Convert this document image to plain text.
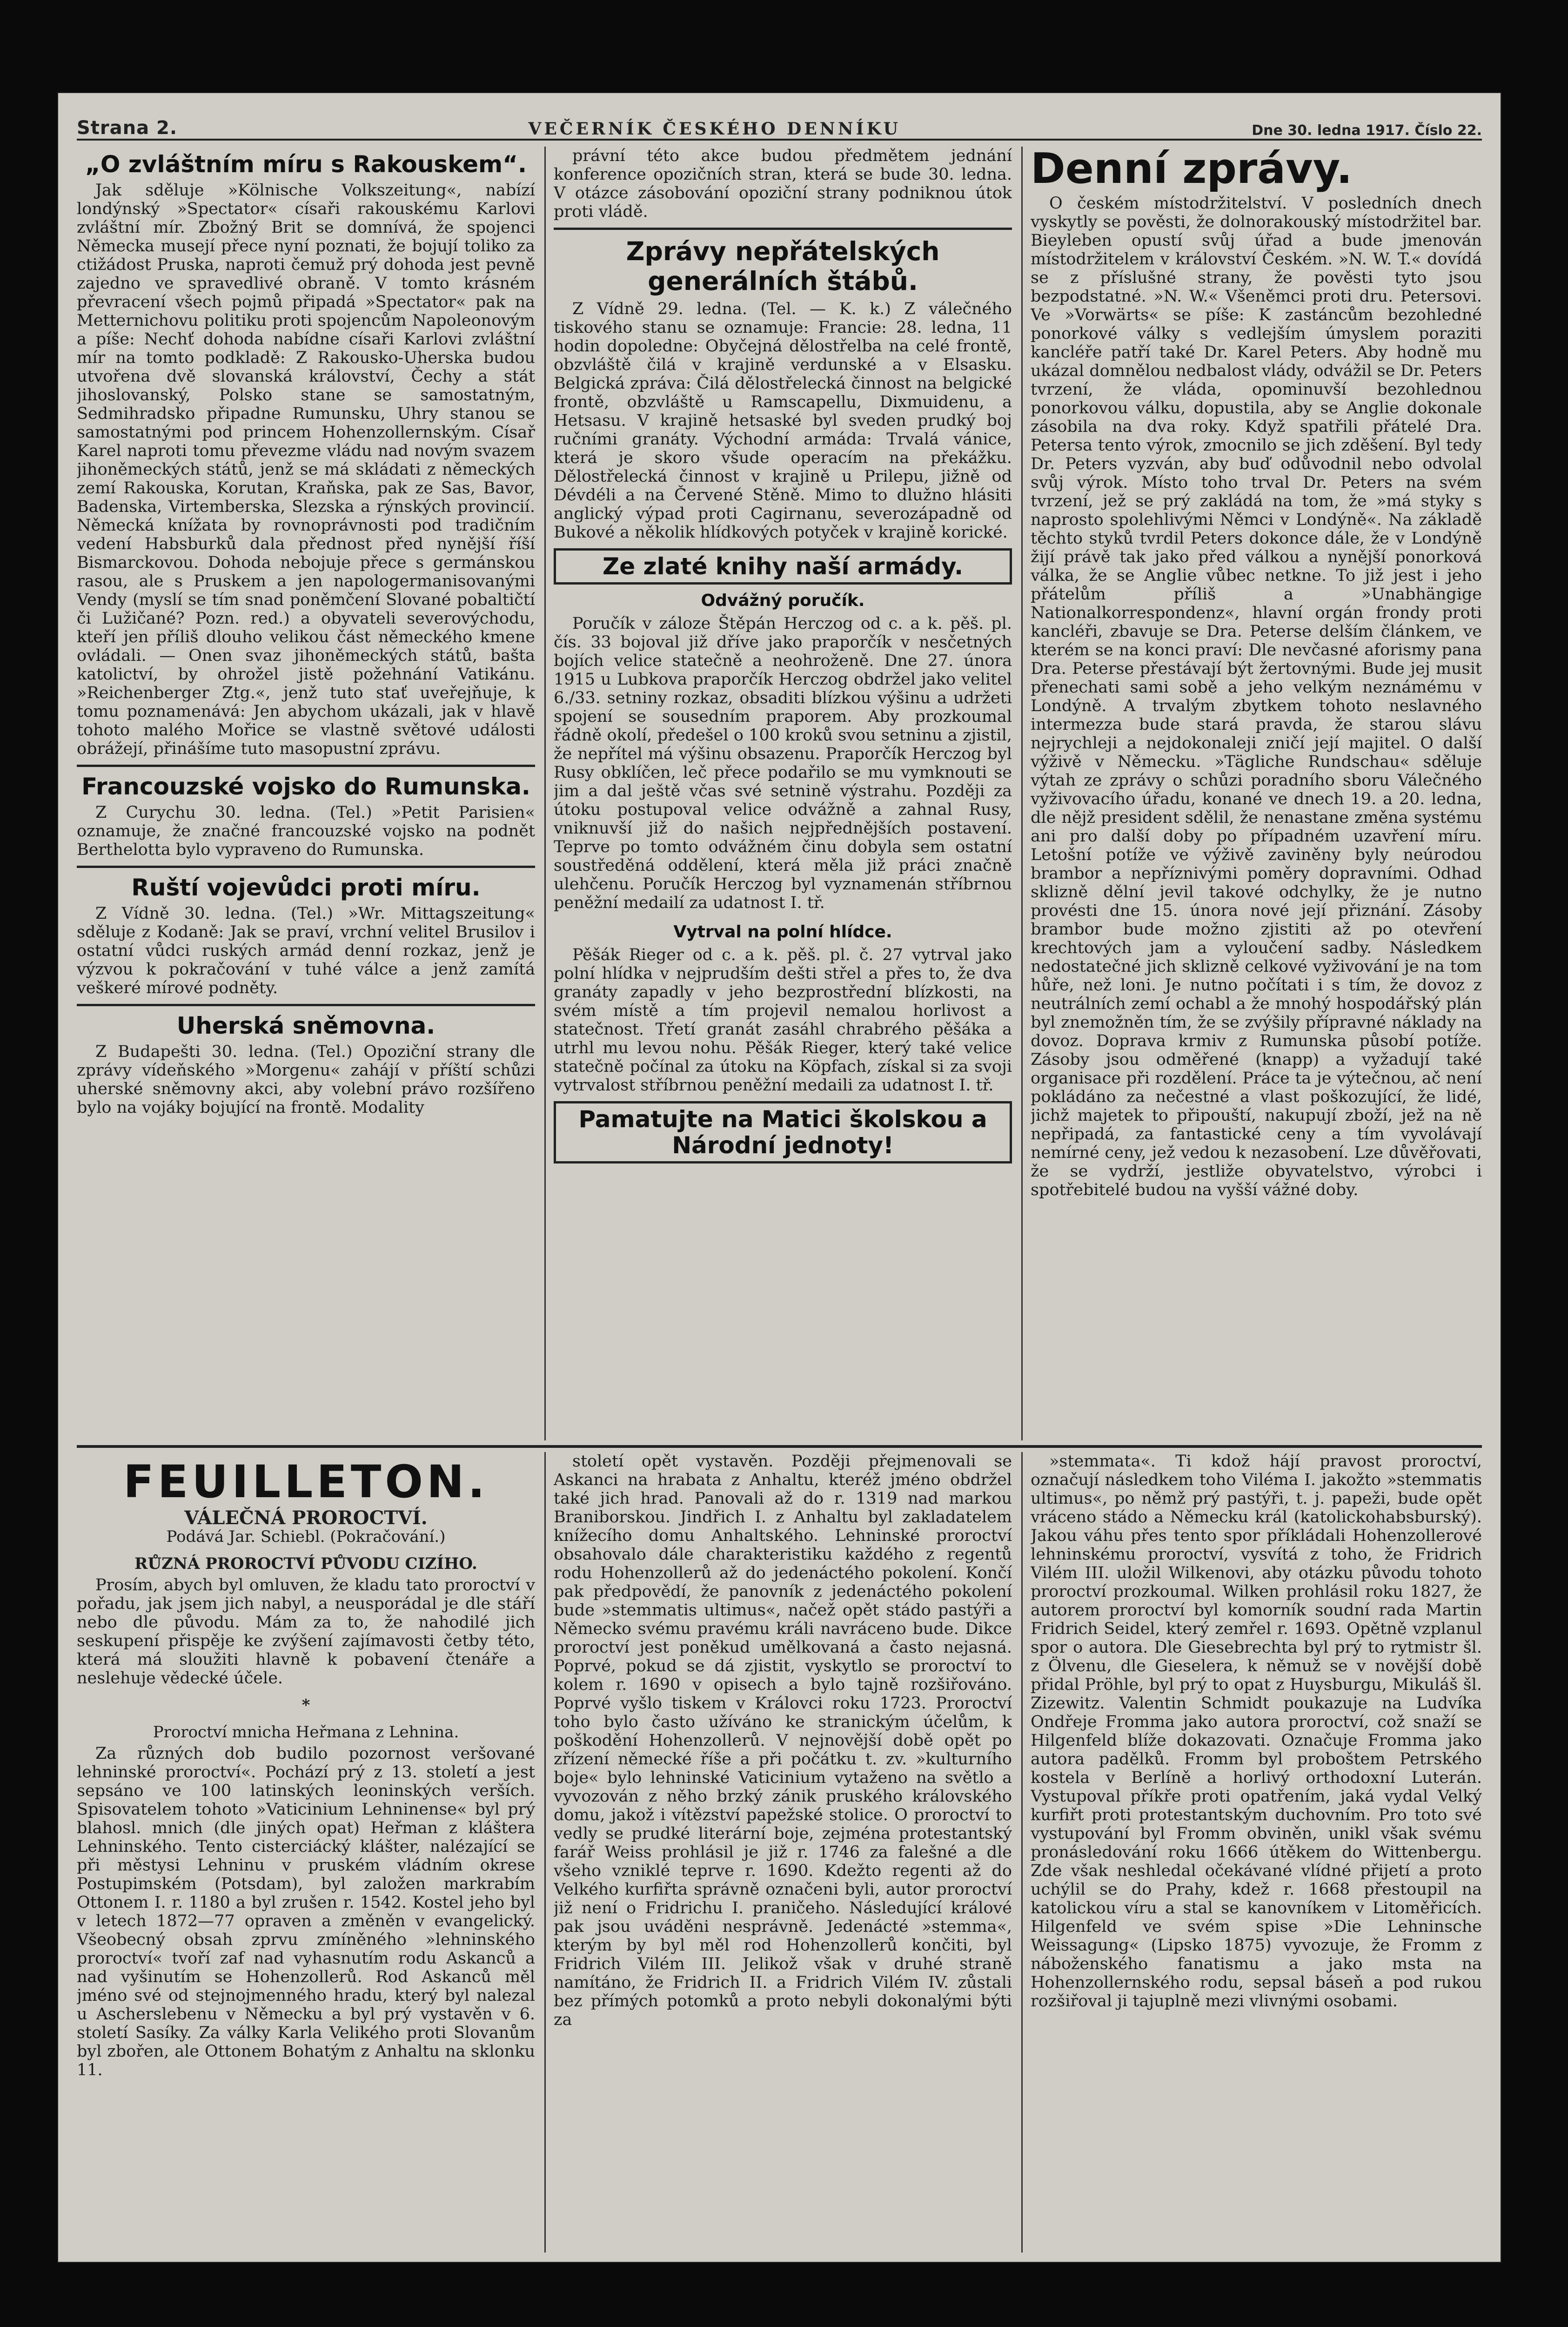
Strana 2.	VEČERNÍK ČESKÉHO DENNÍKU	Dne 30. ledna 1917. Číslo 22.
„O zvláštním míru s Rakouskem“.

Jak sděluje »Kölnische Volkszeitung«, nabízí londýnský »Spectator« císaři rakouskému Karlovi zvláštní mír. Zbožný Brit se domnívá, že spojenci Německa musejí přece nyní poznati, že bojují toliko za ctižádost Pruska, naproti čemuž prý dohoda jest pevně zajedno ve spravedlivé obraně. V tomto krásném převracení všech pojmů připadá »Spectator« pak na Metternichovu politiku proti spojencům Napoleonovým a píše: Nechť dohoda nabídne císaři Karlovi zvláštní mír na tomto podkladě: Z Rakousko-Uherska budou utvořena dvě slovanská království, Čechy a stát jihoslovanský, Polsko stane se samostatným, Sedmihradsko připadne Rumunsku, Uhry stanou se samostatnými pod princem Hohenzollernským. Císař Karel naproti tomu převezme vládu nad novým svazem jihoněmeckých států, jenž se má skládati z německých zemí Rakouska, Korutan, Kraňska, pak ze Sas, Bavor, Badenska, Virtemberska, Slezska a rýnských provincií. Německá knížata by rovnoprávnosti pod tradičním vedení Habsburků dala přednost před nynější říší Bismarckovou. Dohoda nebojuje přece s germánskou rasou, ale s Pruskem a jen napologermanisovanými Vendy (myslí se tím snad poněmčení Slované pobaltičtí či Lužičané? Pozn. red.) a obyvateli severovýchodu, kteří jen příliš dlouho velikou část německého kmene ovládali. — Onen svaz jihoněmeckých států, bašta katolictví, by ohrožel jistě požehnání Vatikánu. »Reichenberger Ztg.«, jenž tuto stať uveřejňuje, k tomu poznamenává: Jen abychom ukázali, jak v hlavě tohoto malého Mořice se vlastně světové události obrážejí, přinášíme tuto masopustní zprávu.

Francouzské vojsko do Rumunska.

Z Curychu 30. ledna. (Tel.) »Petit Parisien« oznamuje, že značné francouzské vojsko na podnět Berthelotta bylo vypraveno do Rumunska.

Ruští vojevůdci proti míru.

Z Vídně 30. ledna. (Tel.) »Wr. Mittagszeitung« sděluje z Kodaně: Jak se praví, vrchní velitel Brusilov i ostatní vůdci ruských armád denní rozkaz, jenž je výzvou k pokračování v tuhé válce a jenž zamítá veškeré mírové podněty.

Uherská sněmovna.

Z Budapešti 30. ledna. (Tel.) Opoziční strany dle zprávy vídeňského »Morgenu« zahájí v příští schůzi uherské sněmovny akci, aby volební právo rozšířeno bylo na vojáky bojující na frontě. Modality

právní této akce budou předmětem jednání konference opozičních stran, která se bude 30. ledna. V otázce zásobování opoziční strany podniknou útok proti vládě.

Zprávy nepřátelských generálních štábů.

Z Vídně 29. ledna. (Tel. — K. k.) Z válečného tiskového stanu se oznamuje: Francie: 28. ledna, 11 hodin dopoledne: Obyčejná dělostřelba na celé frontě, obzvláště čilá v krajině verdunské a v Elsasku. Belgická zpráva: Čilá dělostřelecká činnost na belgické frontě, obzvláště u Ramscapellu, Dixmuidenu, a Hetsasu. V krajině hetsaské byl sveden prudký boj ručními granáty. Východní armáda: Trvalá vánice, která je skoro všude operacím na překážku. Dělostřelecká činnost v krajině u Prilepu, jižně od Dévdéli a na Červené Stěně. Mimo to dlužno hlásiti anglický výpad proti Cagirnanu, severozápadně od Bukové a několik hlídkových potyček v krajině korické.

Ze zlaté knihy naší armády.
Odvážný poručík.

Poručík v záloze Štěpán Herczog od c. a k. pěš. pl. čís. 33 bojoval již dříve jako praporčík v nesčetných bojích velice statečně a neohroženě. Dne 27. února 1915 u Lubkova praporčík Herczog obdržel jako velitel 6./33. setniny rozkaz, obsaditi blízkou výšinu a udržeti spojení se sousedním praporem. Aby prozkoumal řádně okolí, předešel o 100 kroků svou setninu a zjistil, že nepřítel má výšinu obsazenu. Praporčík Herczog byl Rusy obklíčen, leč přece podařilo se mu vymknouti se jim a dal ještě včas své setnině výstrahu. Později za útoku postupoval velice odvážně a zahnal Rusy, vniknuvší již do našich nejpřednějších postavení. Teprve po tomto odvážném činu dobyla sem ostatní soustředěná oddělení, která měla již práci značně ulehčenu. Poručík Herczog byl vyznamenán stříbrnou peněžní medailí za udatnost I. tř.

Vytrval na polní hlídce.

Pěšák Rieger od c. a k. pěš. pl. č. 27 vytrval jako polní hlídka v nejprudším dešti střel a přes to, že dva granáty zapadly v jeho bezprostřední blízkosti, na svém místě a tím projevil nemalou horlivost a statečnost. Třetí granát zasáhl chrabrého pěšáka a utrhl mu levou nohu. Pěšák Rieger, který také velice statečně počínal za útoku na Köpfach, získal si za svoji vytrvalost stříbrnou peněžní medaili za udatnost I. tř.

Pamatujte na Matici školskou a Národní jednoty!
Denní zprávy.

O českém místodržitelství. V posledních dnech vyskytly se pověsti, že dolnorakouský místodržitel bar. Bieyleben opustí svůj úřad a bude jmenován místodržitelem v království Českém. »N. W. T.« dovídá se z příslušné strany, že pověsti tyto jsou bezpodstatné. »N. W.« Všeněmci proti dru. Petersovi. Ve »Vorwärts« se píše: K zastáncům bezohledné ponorkové války s vedlejším úmyslem poraziti kancléře patří také Dr. Karel Peters. Aby hodně mu ukázal domnělou nedbalost vlády, odvážil se Dr. Peters tvrzení, že vláda, opominuvší bezohlednou ponorkovou válku, dopustila, aby se Anglie dokonale zásobila na dva roky. Když spatřili přátelé Dra. Petersa tento výrok, zmocnilo se jich zděšení. Byl tedy Dr. Peters vyzván, aby buď odůvodnil nebo odvolal svůj výrok. Místo toho trval Dr. Peters na svém tvrzení, jež se prý zakládá na tom, že »má styky s naprosto spolehlivými Němci v Londýně«. Na základě těchto styků tvrdil Peters dokonce dále, že v Londýně žijí právě tak jako před válkou a nynější ponorková válka, že se Anglie vůbec netkne. To již jest i jeho přátelům příliš a »Unabhängige Nationalkorrespondenz«, hlavní orgán frondy proti kancléři, zbavuje se Dra. Peterse delším článkem, ve kterém se na konci praví: Dle nevčasné aforismy pana Dra. Peterse přestávají být žertovnými. Bude jej musit přenechati sami sobě a jeho velkým neznámému v Londýně. A trvalým zbytkem tohoto neslavného intermezza bude stará pravda, že starou slávu nejrychleji a nejdokonaleji zničí její majitel. O další výživě v Německu. »Tägliche Rundschau« sděluje výtah ze zprávy o schůzi poradního sboru Válečného vyživovacího úřadu, konané ve dnech 19. a 20. ledna, dle nějž president sdělil, že nenastane změna systému ani pro další doby po případném uzavření míru. Letošní potíže ve výživě zaviněny byly neúrodou brambor a nepříznivými poměry dopravními. Odhad sklizně dělní jevil takové odchylky, že je nutno provésti dne 15. února nové její přiznání. Zásoby brambor bude možno zjistiti až po otevření krechtových jam a vyloučení sadby. Následkem nedostatečné jich sklizně celkové vyživování je na tom hůře, než loni. Je nutno počítati i s tím, že dovoz z neutrálních zemí ochabl a že mnohý hospodářský plán byl znemožněn tím, že se zvýšily přípravné náklady na dovoz. Doprava krmiv z Rumunska působí potíže. Zásoby jsou odměřené (knapp) a vyžadují také organisace při rozdělení. Práce ta je výtečnou, ač není pokládáno za nečestné a vlast poškozující, že lidé, jichž majetek to připouští, nakupují zboží, jež na ně nepřipadá, za fantastické ceny a tím vyvolávají nemírné ceny, jež vedou k nezasobení. Lze důvěřovati, že se vydrží, jestliže obyvatelstvo, výrobci i spotřebitelé budou na vyšší vážné doby.

FEUILLETON.
VÁLEČNÁ PROROCTVÍ.
Podává Jar. Schiebl. (Pokračování.)
RŮZNÁ PROROCTVÍ PŮVODU CIZÍHO.

Prosím, abych byl omluven, že kladu tato proroctví v pořadu, jak jsem jich nabyl, a neusporádal je dle stáří nebo dle původu. Mám za to, že nahodilé jich seskupení přispěje ke zvýšení zajímavosti četby této, která má sloužiti hlavně k pobavení čtenáře a neslehuje vědecké účele.

*
Proroctví mnicha Heřmana z Lehnina.

Za různých dob budilo pozornost veršované lehninské proroctví«. Pochází prý z 13. století a jest sepsáno ve 100 latinských leoninských verších. Spisovatelem tohoto »Vaticinium Lehninense« byl prý blahosl. mnich (dle jiných opat) Heřman z kláštera Lehninského. Tento cisterciácký klášter, nalézající se při městysi Lehninu v pruském vládním okrese Postupimském (Potsdam), byl založen markrabím Ottonem I. r. 1180 a byl zrušen r. 1542. Kostel jeho byl v letech 1872—77 opraven a změněn v evangelický. Všeobecný obsah zprvu zmíněného »lehninského proroctví« tvoří zaf nad vyhasnutím rodu Askanců a nad vyšinutím se Hohenzollerů. Rod Askanců měl jméno své od stejnojmenného hradu, který byl nalezal u Ascherslebenu v Německu a byl prý vystavěn v 6. století Sasíky. Za války Karla Velikého proti Slovanům byl zbořen, ale Ottonem Bohatým z Anhaltu na sklonku 11.

století opět vystavěn. Později přejmenovali se Askanci na hrabata z Anhaltu, kteréž jméno obdržel také jich hrad. Panovali až do r. 1319 nad markou Braniborskou. Jindřich I. z Anhaltu byl zakladatelem knížecího domu Anhaltského. Lehninské proroctví obsahovalo dále charakteristiku každého z regentů rodu Hohenzollerů až do jedenáctého pokolení. Končí pak předpovědí, že panovník z jedenáctého pokolení bude »stemmatis ultimus«, načež opět stádo pastýři a Německo svému pravému králi navráceno bude. Dikce proroctví jest poněkud umělkovaná a často nejasná. Poprvé, pokud se dá zjistit, vyskytlo se proroctví to kolem r. 1690 v opisech a bylo tajně rozšiřováno. Poprvé vyšlo tiskem v Královci roku 1723. Proroctví toho bylo často užíváno ke stranickým účelům, k poškodění Hohenzollerů. V nejnovější době opět po zřízení německé říše a při počátku t. zv. »kulturního boje« bylo lehninské Vaticinium vytaženo na světlo a vyvozován z něho brzký zánik pruského královského domu, jakož i vítězství papežské stolice. O proroctví to vedly se prudké literární boje, zejména protestantský farář Weiss prohlásil je již r. 1746 za falešné a dle všeho vzniklé teprve r. 1690. Kdežto regenti až do Velkého kurfiřta správně označeni byli, autor proroctví již není o Fridrichu I. praničeho. Následující králové pak jsou uváděni nesprávně. Jedenácté »stemma«, kterým by byl měl rod Hohenzollerů končiti, byl Fridrich Vilém III. Jelikož však v druhé straně namítáno, že Fridrich II. a Fridrich Vilém IV. zůstali bez přímých potomků a proto nebyli dokonalými býti za

»stemmata«. Ti kdož hájí pravost proroctví, označují následkem toho Viléma I. jakožto »stemmatis ultimus«, po němž prý pastýři, t. j. papeži, bude opět vráceno stádo a Německu král (katolickohabsburský). Jakou váhu přes tento spor příkládali Hohenzollerové lehninskému proroctví, vysvítá z toho, že Fridrich Vilém III. uložil Wilkenovi, aby otázku původu tohoto proroctví prozkoumal. Wilken prohlásil roku 1827, že autorem proroctví byl komorník soudní rada Martin Fridrich Seidel, který zemřel r. 1693. Opětně vzplanul spor o autora. Dle Giesebrechta byl prý to rytmistr šl. z Ölvenu, dle Gieselera, k němuž se v novější době přidal Pröhle, byl prý to opat z Huysburgu, Mikuláš šl. Zizewitz. Valentin Schmidt poukazuje na Ludvíka Ondřeje Fromma jako autora proroctví, což snaží se Hilgenfeld blíže dokazovati. Označuje Fromma jako autora padělků. Fromm byl proboštem Petrského kostela v Berlíně a horlivý orthodoxní Luterán. Vystupoval příkře proti opatřením, jaká vydal Velký kurfiřt proti protestantským duchovním. Pro toto své vystupování byl Fromm obviněn, unikl však svému pronásledování roku 1666 útěkem do Wittenbergu. Zde však neshledal očekávané vlídné přijetí a proto uchýlil se do Prahy, kdež r. 1668 přestoupil na katolickou víru a stal se kanovníkem v Litoměřicích. Hilgenfeld ve svém spise »Die Lehninsche Weissagung« (Lipsko 1875) vyvozuje, že Fromm z náboženského fanatismu a jako msta na Hohenzollernského rodu, sepsal báseň a pod rukou rozšiřoval ji tajuplně mezi vlivnými osobami.
